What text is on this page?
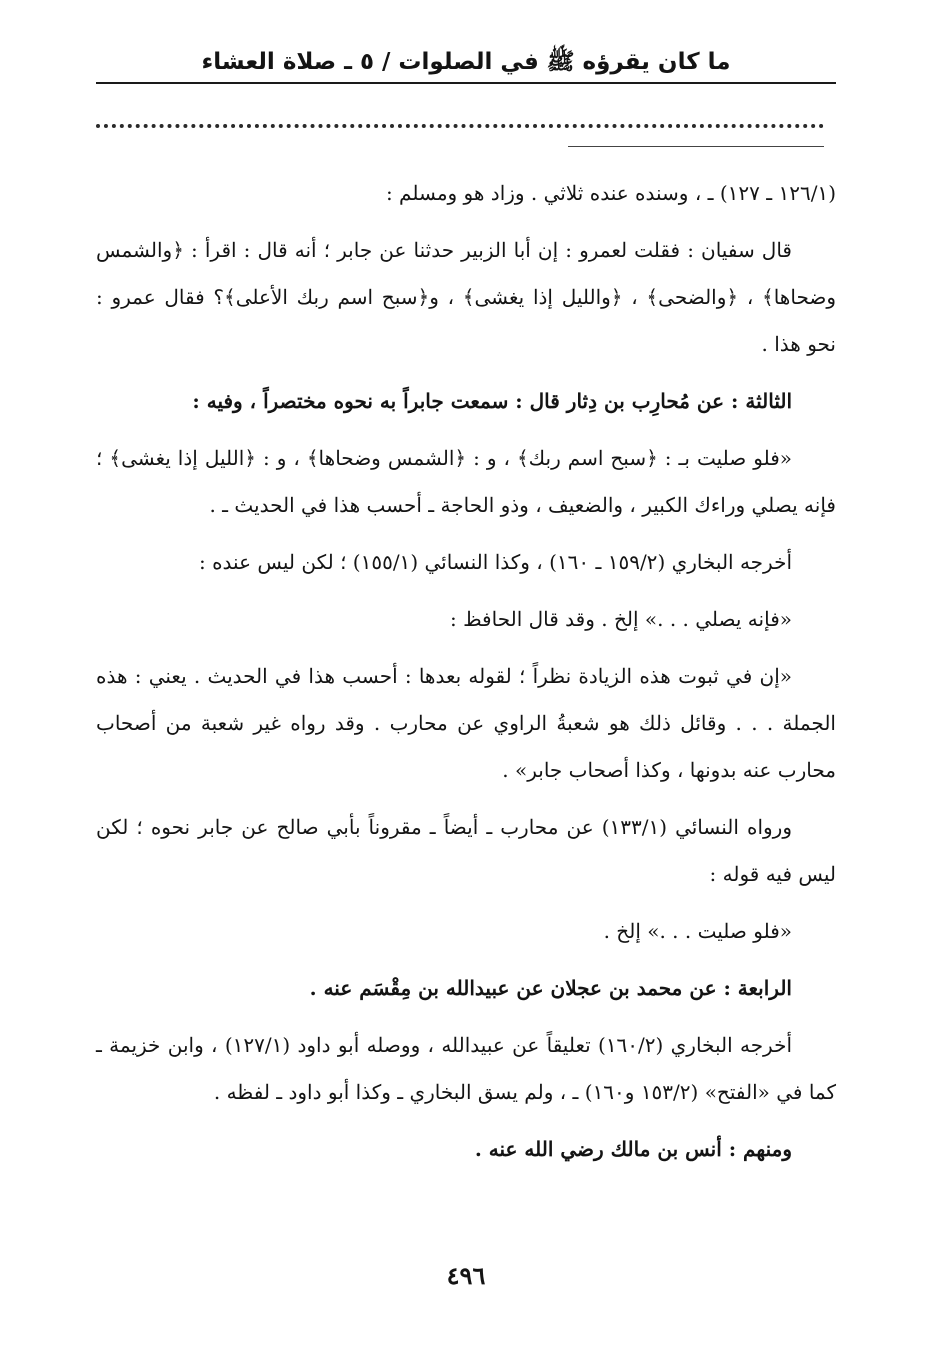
ما كان يقرؤه ﷺ في الصلوات / ٥ ـ صلاة العشاء

(١٢٦/١ ـ ١٢٧) ـ ، وسنده عنده ثلاثي . وزاد هو ومسلم :

قال سفيان : فقلت لعمرو : إن أبا الزبير حدثنا عن جابر ؛ أنه قال : اقرأ : ﴿والشمس وضحاها﴾ ، ﴿والضحى﴾ ، ﴿والليل إذا يغشى﴾ ، و﴿سبح اسم ربك الأعلى﴾؟ فقال عمرو : نحو هذا .

الثالثة : عن مُحارِب بن دِثار قال : سمعت جابراً به نحوه مختصراً ، وفيه :

«فلو صليت بـ : ﴿سبح اسم ربك﴾ ، و : ﴿الشمس وضحاها﴾ ، و : ﴿الليل إذا يغشى﴾ ؛ فإنه يصلي وراءك الكبير ، والضعيف ، وذو الحاجة ـ أحسب هذا في الحديث ـ .

أخرجه البخاري (١٥٩/٢ ـ ١٦٠) ، وكذا النسائي (١٥٥/١) ؛ لكن ليس عنده :

«فإنه يصلي . . .» إلخ . وقد قال الحافظ :

«إن في ثبوت هذه الزيادة نظراً ؛ لقوله بعدها : أحسب هذا في الحديث . يعني : هذه الجملة . . . وقائل ذلك هو شعبةُ الراوي عن محارب . وقد رواه غير شعبة من أصحاب محارب عنه بدونها ، وكذا أصحاب جابر» .

ورواه النسائي (١٣٣/١) عن محارب ـ أيضاً ـ مقروناً بأبي صالح عن جابر نحوه ؛ لكن ليس فيه قوله :

«فلو صليت . . .» إلخ .

الرابعة : عن محمد بن عجلان عن عبيدالله بن مِقْسَم عنه .

أخرجه البخاري (١٦٠/٢) تعليقاً عن عبيدالله ، ووصله أبو داود (١٢٧/١) ، وابن خزيمة ـ كما في «الفتح» (١٥٣/٢ و١٦٠) ـ ، ولم يسق البخاري ـ وكذا أبو داود ـ لفظه .

ومنهم : أنس بن مالك رضي الله عنه .

٤٩٦
